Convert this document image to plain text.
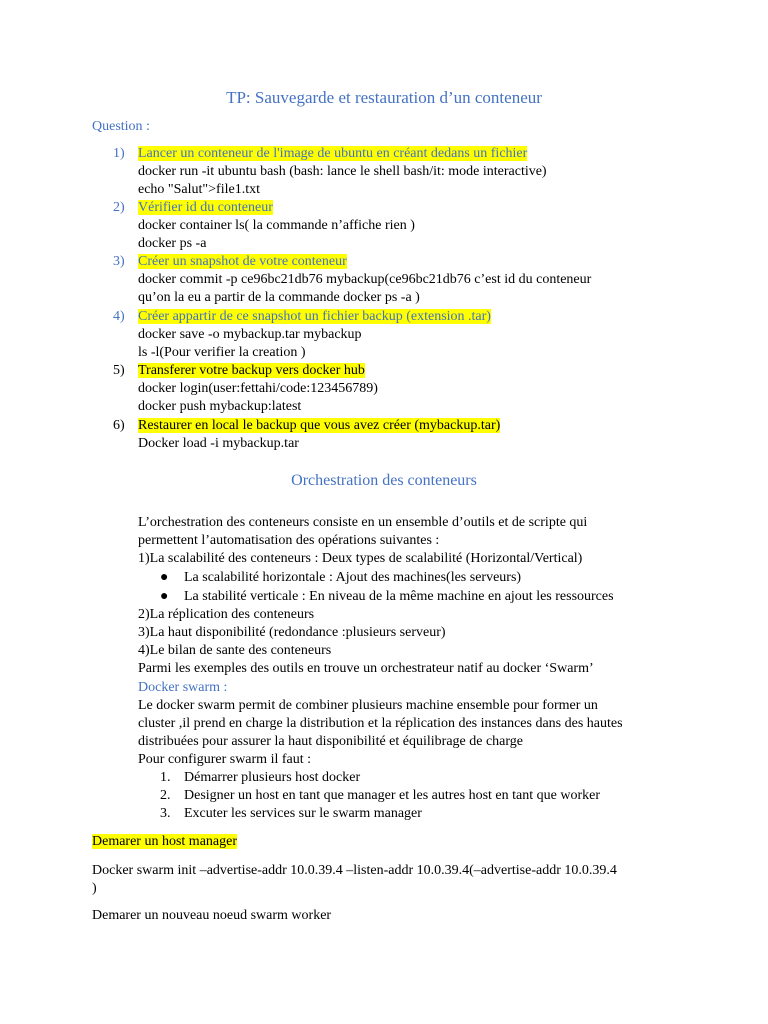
TP: Sauvegarde et restauration d’un conteneur
Question :
1) Lancer un conteneur de l'image de ubuntu en créant dedans un fichier
docker run -it ubuntu bash (bash: lance le shell bash/it: mode interactive)
echo "Salut">file1.txt
2) Vérifier id du conteneur
docker container ls( la commande n’affiche rien )
docker ps -a
3) Créer un snapshot de votre conteneur
docker commit -p ce96bc21db76 mybackup(ce96bc21db76 c’est id du conteneur
qu’on la eu a partir de la commande docker ps -a )
4) Créer appartir de ce snapshot un fichier backup (extension .tar)
docker save -o mybackup.tar mybackup
ls -l(Pour verifier la creation )
5) Transferer votre backup vers docker hub
docker login(user:fettahi/code:123456789)
docker push mybackup:latest
6) Restaurer en local le backup que vous avez créer (mybackup.tar)
Docker load -i mybackup.tar
Orchestration des conteneurs
L’orchestration des conteneurs consiste en un ensemble d’outils et de scripte qui
permettent l’automatisation des opérations suivantes :
1)La scalabilité des conteneurs : Deux types de scalabilité (Horizontal/Vertical)
● La scalabilité horizontale : Ajout des machines(les serveurs)
● La stabilité verticale : En niveau de la même machine en ajout les ressources
2)La réplication des conteneurs
3)La haut disponibilité (redondance :plusieurs serveur)
4)Le bilan de sante des conteneurs
Parmi les exemples des outils en trouve un orchestrateur natif au docker ‘Swarm’
Docker swarm :
Le docker swarm permit de combiner plusieurs machine ensemble pour former un
cluster ,il prend en charge la distribution et la réplication des instances dans des hautes
distribuées pour assurer la haut disponibilité et équilibrage de charge
Pour configurer swarm il faut :
1. Démarrer plusieurs host docker
2. Designer un host en tant que manager et les autres host en tant que worker
3. Excuter les services sur le swarm manager
Demarer un host manager
Docker swarm init –advertise-addr 10.0.39.4 –listen-addr 10.0.39.4(–advertise-addr 10.0.39.4
)
Demarer un nouveau noeud swarm worker
